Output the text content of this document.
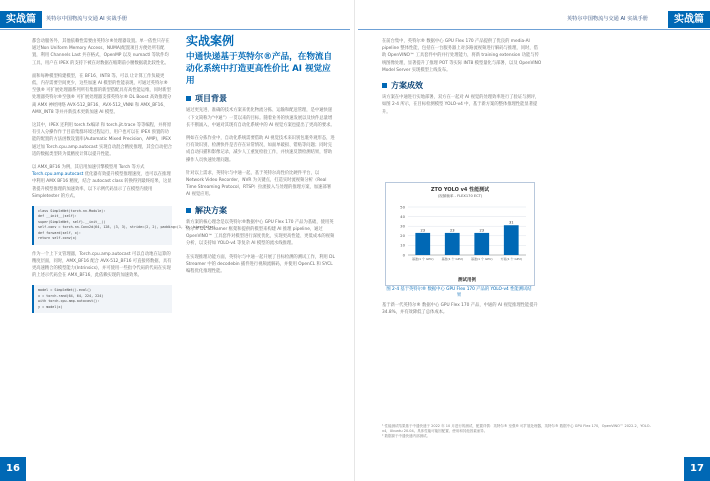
实战篇	英特尔中国物流与交通 AI 实战手册	英特尔中国物流与交通 AI 实战手册	实战篇

都会动服务外，其他依赖性需要由英特尔®处理器设置。单一依性只存在通过Non Uniform Memory Access，NUMA)配置项目方便处所有配置，利用 Channels Last 共存格式，OpenMP 以及 numactl 等软件均工具，用户在 IPEX 的支持下被在对数据在缩期前小腰数据就比较性化。

面和每种模型构建模型，在 BF16、INT8 等。可以 让计算工作负载更低，内存需要空间更少，这些加速 AI 模型的性能表现，可通过英特尔®至强® 可扩展处理器系列所有集群的新型搭配具有高性能运维，同时新型处理器英特尔®至强® 可扩展处理器支撑英特尔® DL Boost 高效推理分离 AMX 神经网络 AVX-512_BF16、AVX-512_VNNI 和 AMX_BF16、AMX_INT8 等并并新技术更新加速 AI 模型。

这其中，IPEX 还利用 torch.fx编译 和 torch.jit.trace 等等编程，并将原有引入分操作作于目前集群环境过程运行，用户也可以在 IPEX 预置的功能的配置的方法函数设置库(Automatic Mixed Precision，AMP)，IPEX 通过加 Torch.cpu.amp.autocast 实现自动混合精度推理，其会自动把合适的数据类型转为低精度计算以提升性能。

以 AMX_BF16 为例，其启用加速引擎模型用 Torch 等方式 Torch.cpu.amp.autocast 优化器有效提升模型推理速度，也可以在推理中利用 AMX BF16 精度，结合 autocast class 转换得到最终结果，这显著提升模型推理的加速效率，以下示例代码显示了在模型内使用 Simpletester 的方式。

class SimpleNet(torch.nn.Module):
def __init__(self):
super(SimpleNet, self).__init__()
self.conv = torch.nn.Conv2d(64, 128, (3, 3), stride=(2, 2), padding=(1, 1), bias=False)
def forward(self, x):
return self.conv(x)

作为一个上下文管理器，Torch.cpu.amp.autocast 可以自动地在运算的精度层面，同时，AMX_BF16 配合 AVX-512_BF16 可直接将数据，具有更高速精合的模型能力(Intrinsics)，并可使用一些指令代码的代码在实现的上述示代码会在 AMX_BF16，此依赖实现的加速效果。

model = SimpleNet().eval()
x = torch.rand(64, 64, 224, 224)
with torch.cpu.amp.autocast():
y = model(x)
实战案例
中通快递基于英特尔®产品，在物流自动化系统中打造更高性价比 AI 视觉应用
项目背景

通过更先进、准确的技术方案来优化物流分拣、运输和配送管理，是中通快递（下文简称为“中通”）一贯以来的目标。随着业务的快速发展以及快件总量增长不断涌入，中通对其现有自动化系统中的 AI 视觉方案也提出了更高的要求。

例如在分拣作业中，自动化系统需要借助 AI 视觉技术来识别包裹外观形态，进行有效识别，检测快件是否存在异常情况，如面单破损、错贴等问题；同时完成自动扫描和影像记录，减少人工重复检验工作，并快速反馈检测结果，帮助操作人员快速处理问题。

针对以上需求，英特尔与中通一起，基于英特尔高性价比硬件平台，以 Network Video Recorder，NVR 为关键点，打造实时流视频分析（Real Time Streaming Protocol，RTSP）拉流接入与处理的推理方案，加速部署 AI 视觉应用。

解决方案

新方案的核心理念是以英特尔®数据中心 GPU Flex 170 产品为基础，使用英特尔® DL Streamer 框架和提供的模型来构建 AI 推理 pipeline，通过 OpenVINO™ 工具套件对模型进行深度优化，实现更高性能、更低成本的视频分析，以支持如 YOLO-v4 等复杂 AI 模型的流水线推理。

在实现推理功能方面，英特尔与中通一起开展了目标检测的测试工作，利用 DL Streamer 中的 decodebin 插件进行视频流解码，并使用 OpenCL 和 SYCL 编程优化推理性能。

在前台集中，英特尔® 数据中心 GPU Flex 170 产品提供了优良的 media-AI pipeline 整体性能，包括在一台服务器上对多路流视频进行解码与推理，同时，借助 OpenVINO™ 工具套件中的并行处理能力，将新 training extension 功能与传统图像处理，显著提升了推理 POT 等实际 INT8 模型量化与部署，以及 OpenVINO Model Server 实现模型上线发布。

方案成效

该方案在中通进行实地部署，双方在一起对 AI 视觉的处理效率进行了验证与测评，如图 2-4 所示，在目标检测模型 YOLO-v4 中，基于新方案的整体推理性能显著提升。

ZTO YOLO v4 性能测试
(视频帧率 - FLEX170 ECT)
0
10
20
30
40
50
23
基准(1 个 GPU)
23
基准(1 个 GPU)
23
基准(1 个 GPU)
31
方案(1 个 GPU)
测试用例
图 2-4 基于英特尔® 数据中心 GPU Flex 170 产品的 YOLO-v4 性能测试结果

基于新一代英特尔® 数据中心 GPU Flex 170 产品，中通的 AI 视觉推理性能提升 34.8%，并有效降低了总体成本。

¹ 性能测试结果基于中通快递于 2022 年 10 月进行的测试，配置详情：英特尔® 至强® 可扩展处理器，英特尔® 数据中心 GPU Flex 170，OpenVINO™ 2022.2，YOLO-v4，Ubuntu 20.04。具体性能可能因配置、使用和其他因素而异。
² 数据源于中通快递内部测试。
16	17
